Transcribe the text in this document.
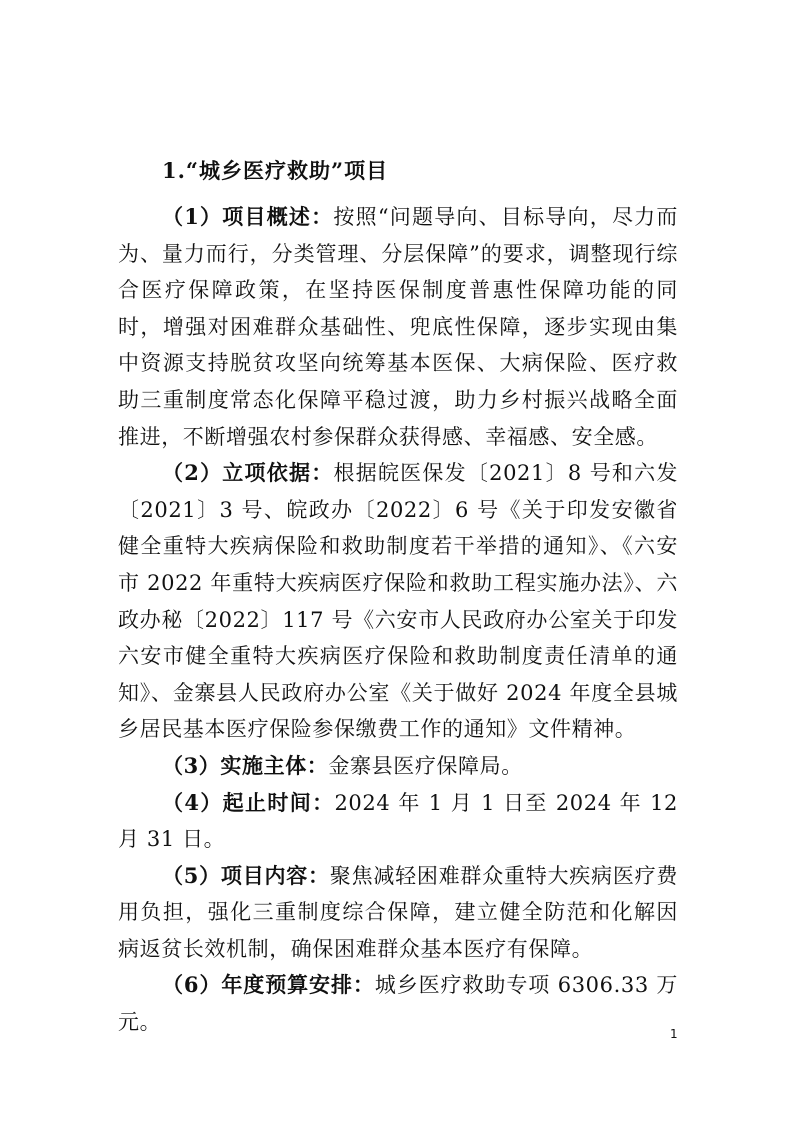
1.“城乡医疗救助”项目

（1）项目概述：按照“问题导向、目标导向，尽力而为、量力而行，分类管理、分层保障”的要求，调整现行综合医疗保障政策，在坚持医保制度普惠性保障功能的同时，增强对困难群众基础性、兜底性保障，逐步实现由集中资源支持脱贫攻坚向统筹基本医保、大病保险、医疗救助三重制度常态化保障平稳过渡，助力乡村振兴战略全面推进，不断增强农村参保群众获得感、幸福感、安全感。

（2）立项依据：根据皖医保发〔2021〕8 号和六发〔2021〕3 号、皖政办〔2022〕6 号《关于印发安徽省健全重特大疾病保险和救助制度若干举措的通知》、《六安市 2022 年重特大疾病医疗保险和救助工程实施办法》、六政办秘〔2022〕117 号《六安市人民政府办公室关于印发六安市健全重特大疾病医疗保险和救助制度责任清单的通知》、金寨县人民政府办公室《关于做好 2024 年度全县城乡居民基本医疗保险参保缴费工作的通知》文件精神。

（3）实施主体：金寨县医疗保障局。

（4）起止时间：2024 年 1 月 1 日至 2024 年 12 月 31 日。

（5）项目内容：聚焦减轻困难群众重特大疾病医疗费用负担，强化三重制度综合保障，建立健全防范和化解因病返贫长效机制，确保困难群众基本医疗有保障。

（6）年度预算安排：城乡医疗救助专项 6306.33 万元。	1
